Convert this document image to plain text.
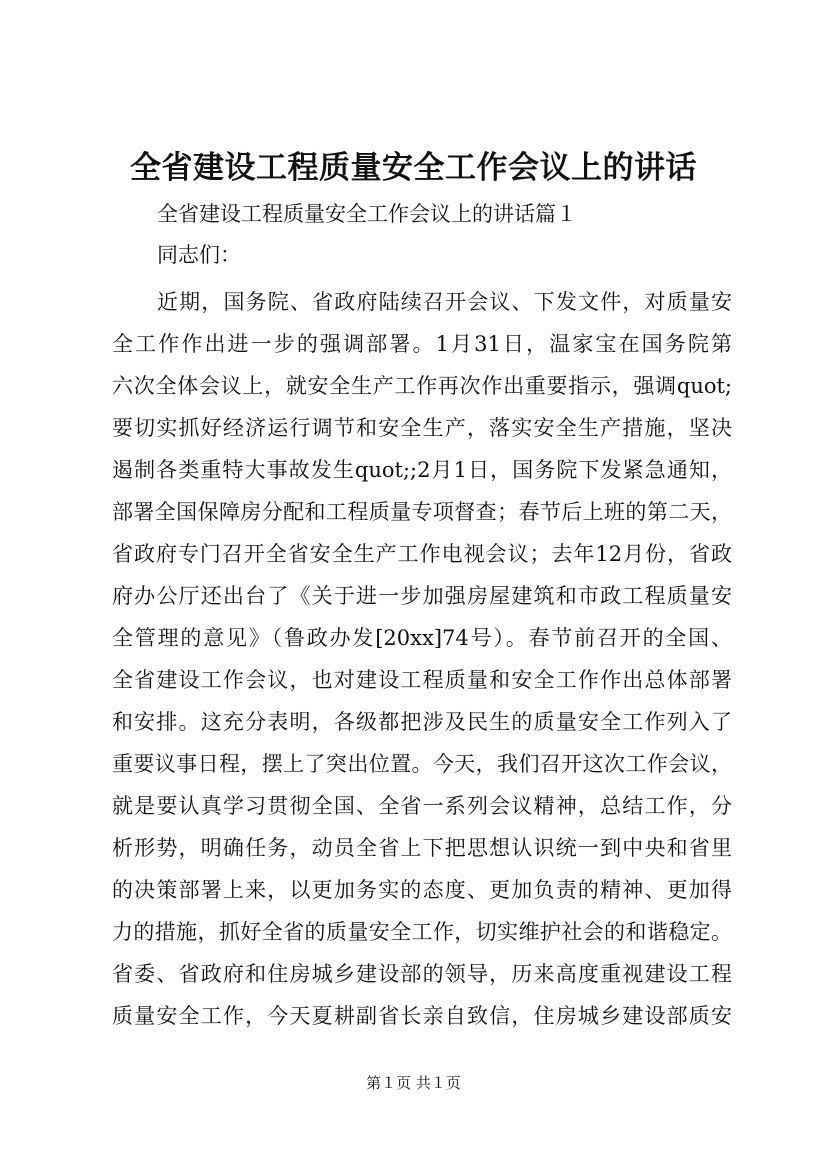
全省建设工程质量安全工作会议上的讲话
全省建设工程质量安全工作会议上的讲话篇１
同志们：
近期，国务院、省政府陆续召开会议、下发文件，对质量安
全工作作出进一步的强调部署。1月31日，温家宝在国务院第
六次全体会议上，就安全生产工作再次作出重要指示，强调quot;
要切实抓好经济运行调节和安全生产，落实安全生产措施，坚决
遏制各类重特大事故发生quot;;2月1日，国务院下发紧急通知，
部署全国保障房分配和工程质量专项督查；春节后上班的第二天，
省政府专门召开全省安全生产工作电视会议；去年12月份，省政
府办公厅还出台了《关于进一步加强房屋建筑和市政工程质量安
全管理的意见》（鲁政办发[20xx]74号）。春节前召开的全国、
全省建设工作会议，也对建设工程质量和安全工作作出总体部署
和安排。这充分表明，各级都把涉及民生的质量安全工作列入了
重要议事日程，摆上了突出位置。今天，我们召开这次工作会议，
就是要认真学习贯彻全国、全省一系列会议精神，总结工作，分
析形势，明确任务，动员全省上下把思想认识统一到中央和省里
的决策部署上来，以更加务实的态度、更加负责的精神、更加得
力的措施，抓好全省的质量安全工作，切实维护社会的和谐稳定。
省委、省政府和住房城乡建设部的领导，历来高度重视建设工程
质量安全工作，今天夏耕副省长亲自致信，住房城乡建设部质安
第１页 共１页
